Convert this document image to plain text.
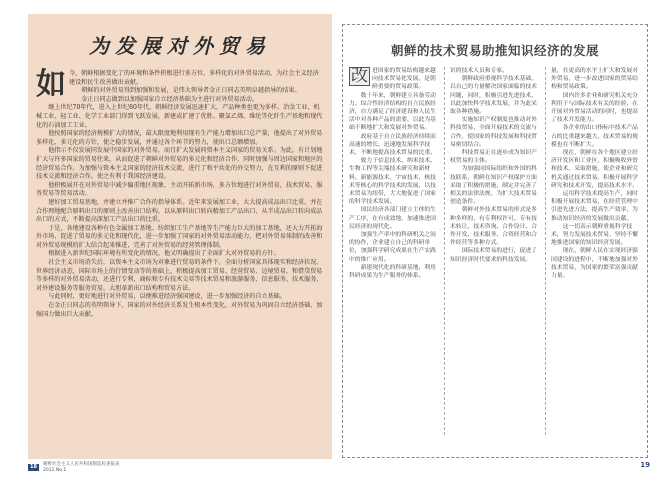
为发展对外贸易

如今，朝鲜根据变化了的环境和条件积极进行多方位、多样化的对外贸易活动，为社会主义经济建设和民生改善做出贡献。

朝鲜的对外贸易得到加强和发展，是伟大领导者金正日同志英明卓越指导的结果。

金正日同志做到以加强国家自立经济基础为主进行对外贸易活动。

继上世纪70年代，进入上世纪80年代，朝鲜经济发展迅速扩大，产品种类也更为多样。冶金工业、机械工业、轻工业、化学工业部门得到飞跃发展，新建或扩建了优胜、聚氯乙烯、维纶等化纤生产基地和现代化的石油加工工业。

他按照国家的经济规模扩大的情况，最大限度地利用现有生产能力增加出口总产量，他提出了对外贸易多样化、多元化的方针，使之稳步发展，并通过各个环节的努力，使出口总额增加。

他指示不仅发展同发展中国家的对外贸易，而且扩大发展同资本主义国家的贸易关系。为此，有计划地扩大与许多国家的贸易往来，从而促进了朝鲜对外贸易的多元化和经济合作，同时加强与周边国家和地区的经济贸易合作。为加强与资本主义国家的经济技术交流，进行了和平共处的外交努力，在互利的原则下促进技术交流和经济合作，使之有利于我国经济建设。

他积极展开在对外贸易中减少偏重地区现象，主动开拓新市场，多方位地进行对外贸易，技术贸易、服务贸易等贸易活动。

建好加工贸易基地，并建立并推广合作的指导体系。近年来发展加工业，大大提高成品出口比重，并在合作理地配合原料出口的原则上改善出口结构，以从原料出口转向精加工产品出口，从半成品出口转向成品出口的方式，不断提高深加工产品出口的比重。

于是，各地建设各种有色金属加工基地、纺织加工生产基地等生产能力巨大的加工基地，还大力开拓海外市场，促进了贸易的多元化和现代化，进一步加强了国家的对外贸易活动能力，把对外贸易体制的改善和对外贸易规模的扩大结合起来推进，完善了对外贸易的经营管理体制。

根据进入新世纪国际环境有所变化的情况，他又明确提出了全面扩大对外贸易的方针。

社会主义市场消失后，以资本主义市场为对象进行贸易的条件下，全面分析国家具体现实和经济状况、世界经济动态，国际市场上的行情变动等的基础上，积极提高加工贸易、经营贸易、边境贸易，和借贷贸易等多样的对外贸易活动，还进行专利、商标和专有技术交易等技术贸易和旅游服务、信息服务、技术服务、对外建设服务等服务贸易，大胆革新出口结构和贸易方法。

与此同时，更好地进行对外贸易，以便推进经济强国建设，进一步加强经济的自立基础。

在金正日同志的英明领导下，国家的对外经济关系发生根本性变化，对外贸易为巩固自立经济基础、加强国力做出巨大贡献。

朝鲜的技术贸易助推知识经济的发展

改 进国家的贸易结构越来越向技术贸易化发展，是朝鲜重要的贸易政策。

数十年来，朝鲜建立具备劳动力、综合性经济结构的自立民族经济，自力满足了经济建设和人民生活中对各种产品的需要，以此为基础不断地扩大和发展对外贸易。

政府基于自立民族经济持续而高速的增长，迅速地发展科学技术，不断地提高技术贸易的比重。

致力于信息技术、纳米技术、生物工程等尖端技术研究和新材料、新能源技术，宇宙技术，核技术等核心的科学技术的发展，以技术贸易为纽带，大大地促进了国家的科学技术发展。

国民经济各部门建立主体的生产工序，在有成效地、加速推进国民经济的现代化。

加强生产率中的科研机关之间的协作，企业建立自己的科研单位，加强科学研究成果在生产实践中的推广应用。

新建现代化的科研基地，利用科研成果为生产服务的体系。

识的技术人员和专家。

朝鲜政府重视科学技术基础，以自己的力量解决国家面临的技术问题，同时，积极引进先进技术，以此加快科学技术发展，并为此采取各种措施。

实施知识产权制度也推动对外科技贸易，全面开展技术的交流与合作，使国家的科技发展和科技贸易密切结合。

科技贸易正在逐步成为知识产权贸易的主体。

为加强同国际组织和外国的科技联系，朝鲜在知识产权保护方面采取了积极的措施，制定并完善了相关的法律法规，为扩大技术贸易创造条件。

朝鲜对外技术贸易的形式是多种多样的，有专利权许可、专有技术转让、技术咨询、合作设计、合作开发、技术服务、合资经营和合作经营等多种方式。

国际技术贸易的进行，促进了知识经济时代要求的科技发展。

量，在更高的水平上扩大和发展对外贸易，进一步改进国家的贸易结构和贸易政策。

国内许多企业和研究机关充分利用于与国际技术有关的经验，在开展对外贸易活动的同时，也提高了技术开发能力。

各企业的出口指标中技术产品占的比重越来越大，技术贸易的规模也在不断扩大。

现在，朝鲜在各个地区建立经济开发区和工业区，积极吸收外资和技术，采取措施，使企业和研究机关通过技术贸易，积极开展科学研究和技术开发，提高技术水平。

运用科学技术提高生产，同时积极开展技术贸易，在经营管理中引进先进方法，提高生产效率，为推动知识经济的发展做出贡献。

这一切表示朝鲜重视科学技术，努力发展技术贸易，坚持不懈地推进国家的知识经济发展。

现在，朝鲜人民在实现经济强国建设的进程中，不断地加强对外技术贸易，为国家的繁荣富强贡献力量。

18	朝鲜社会主义人民共和国制造检查报表
2012.No.1
19
